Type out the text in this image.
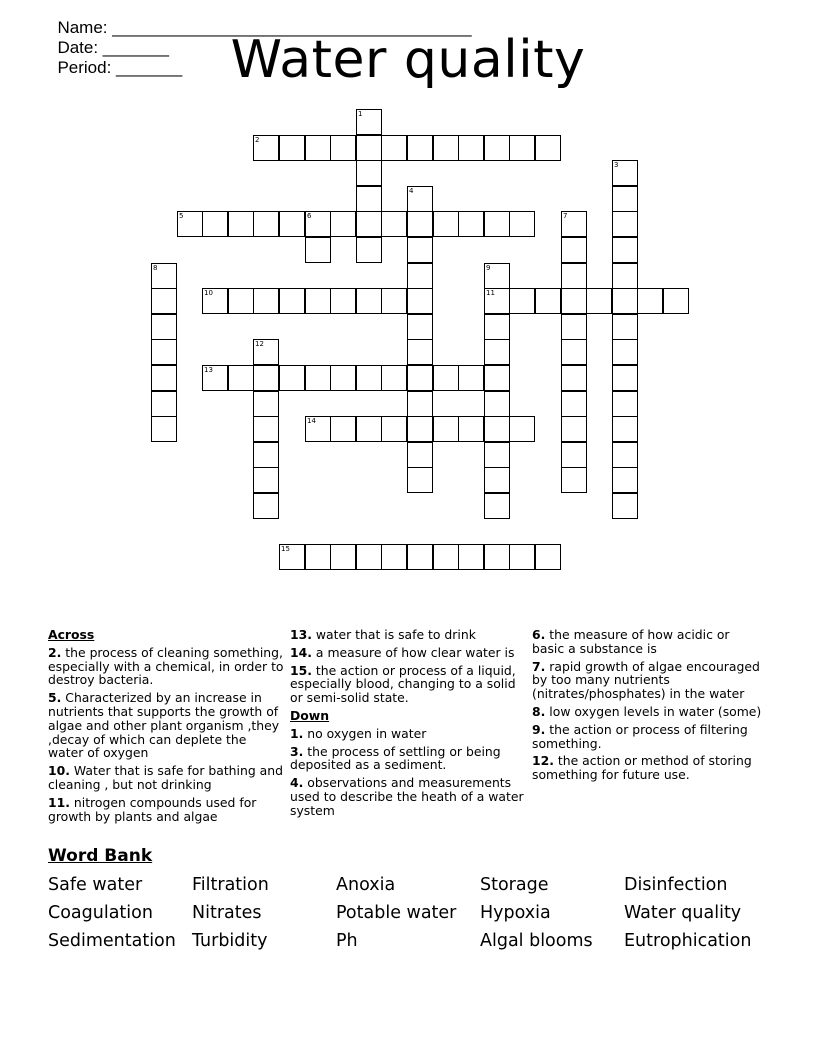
Name: ______________________________________
Date: _______
Period: _______ Water quality
2
5
10	11
13
14
15
1
3
4
6	7
8	9
12
Across
2. the process of cleaning something, especially with a chemical, in order to destroy bacteria.
5. Characterized by an increase in nutrients that supports the growth of algae and other plant organism ,they ,decay of which can deplete the water of oxygen
10. Water that is safe for bathing and cleaning , but not drinking
11. nitrogen compounds used for growth by plants and algae
13. water that is safe to drink
14. a measure of how clear water is
15. the action or process of a liquid, especially blood, changing to a solid or semi-solid state.
Down
1. no oxygen in water
3. the process of settling or being deposited as a sediment.
4. observations and measurements used to describe the heath of a water system
6. the measure of how acidic or basic a substance is
7. rapid growth of algae encouraged by too many nutrients (nitrates/phosphates) in the water
8. low oxygen levels in water (some)
9. the action or process of filtering something.
12. the action or method of storing something for future use.
Word Bank
Safe water	Filtration	Anoxia	Storage	Disinfection
Coagulation	Nitrates	Potable water	Hypoxia	Water quality
Sedimentation Turbidity	Ph	Algal blooms	Eutrophication
